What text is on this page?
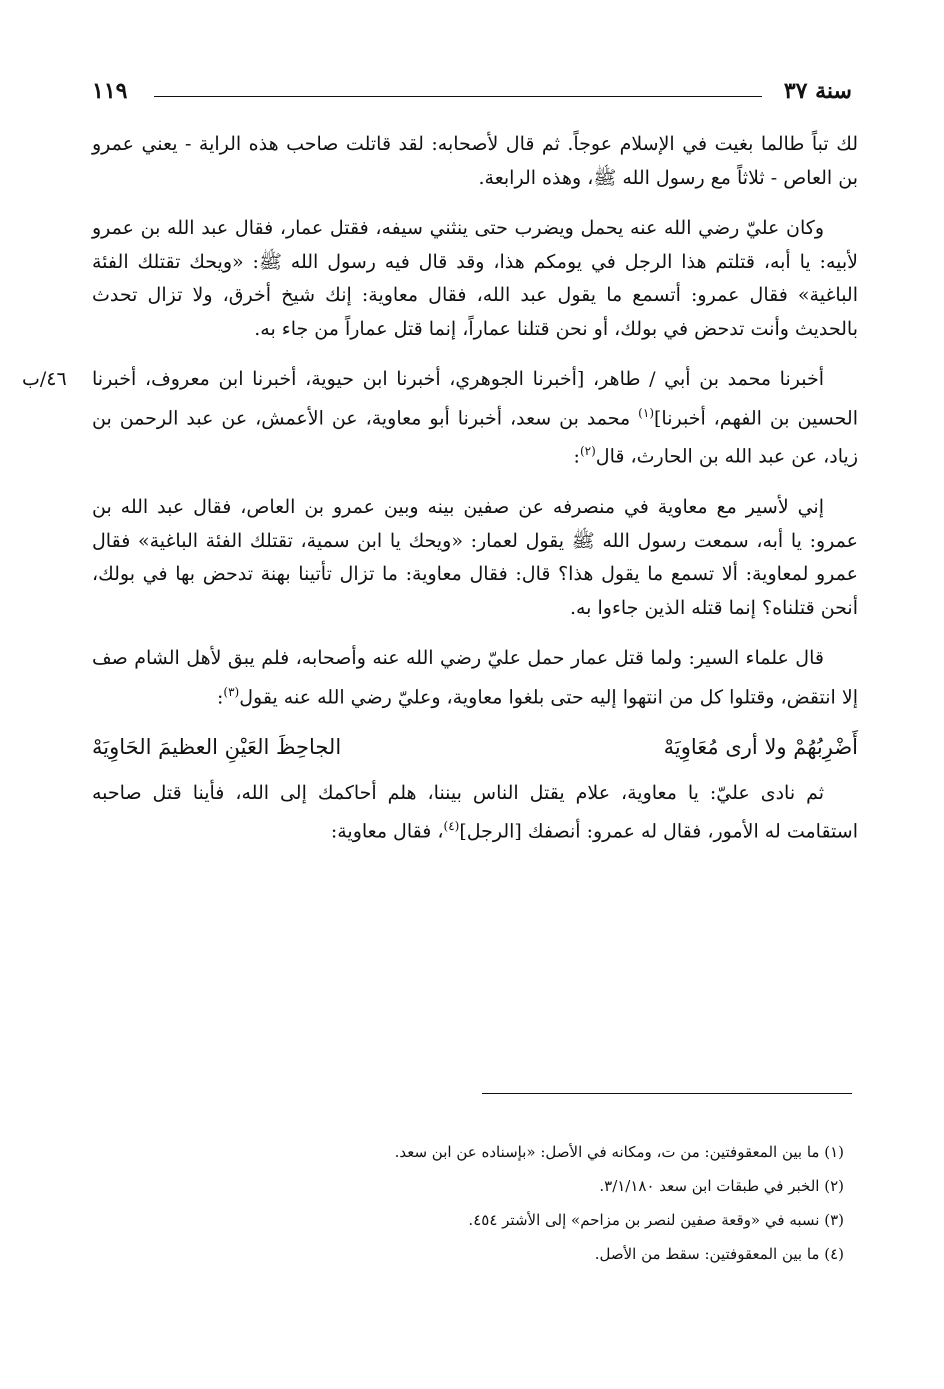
سنة ٣٧
١١٩

لك تباً طالما بغيت في الإسلام عوجاً. ثم قال لأصحابه: لقد قاتلت صاحب هذه الراية - يعني عمرو بن العاص - ثلاثاً مع رسول الله ﷺ، وهذه الرابعة.

وكان عليّ رضي الله عنه يحمل ويضرب حتى ينثني سيفه، فقتل عمار، فقال عبد الله بن عمرو لأبيه: يا أبه، قتلتم هذا الرجل في يومكم هذا، وقد قال فيه رسول الله ﷺ: «ويحك تقتلك الفئة الباغية» فقال عمرو: أتسمع ما يقول عبد الله، فقال معاوية: إنك شيخ أخرق، ولا تزال تحدث بالحديث وأنت تدحض في بولك، أو نحن قتلنا عماراً، إنما قتل عماراً من جاء به.

٤٦/ب أخبرنا محمد بن أبي / طاهر، [أخبرنا الجوهري، أخبرنا ابن حيوية، أخبرنا ابن معروف، أخبرنا الحسين بن الفهم، أخبرنا]$^{(١)}$ محمد بن سعد، أخبرنا أبو معاوية، عن الأعمش، عن عبد الرحمن بن زياد، عن عبد الله بن الحارث، قال$^{(٢)}$:

إني لأسير مع معاوية في منصرفه عن صفين بينه وبين عمرو بن العاص، فقال عبد الله بن عمرو: يا أبه، سمعت رسول الله ﷺ يقول لعمار: «ويحك يا ابن سمية، تقتلك الفئة الباغية» فقال عمرو لمعاوية: ألا تسمع ما يقول هذا؟ قال: فقال معاوية: ما تزال تأتينا بهنة تدحض بها في بولك، أنحن قتلناه؟ إنما قتله الذين جاءوا به.

قال علماء السير: ولما قتل عمار حمل عليّ رضي الله عنه وأصحابه، فلم يبق لأهل الشام صف إلا انتقض، وقتلوا كل من انتهوا إليه حتى بلغوا معاوية، وعليّ رضي الله عنه يقول$^{(٣)}$:

أَضْرِبُهُمْ ولا أرى مُعَاوِيَهْ
الجاحِظَ العَيْنِ العظيمَ الحَاوِيَهْ

ثم نادى عليّ: يا معاوية، علام يقتل الناس بيننا، هلم أحاكمك إلى الله، فأينا قتل صاحبه استقامت له الأمور، فقال له عمرو: أنصفك [الرجل]$^{(٤)}$، فقال معاوية:

(١) ما بين المعقوفتين: من ت، ومكانه في الأصل: «بإسناده عن ابن سعد.

(٢) الخبر في طبقات ابن سعد ٣/١/١٨٠.

(٣) نسبه في «وقعة صفين لنصر بن مزاحم» إلى الأشتر ٤٥٤.

(٤) ما بين المعقوفتين: سقط من الأصل.
